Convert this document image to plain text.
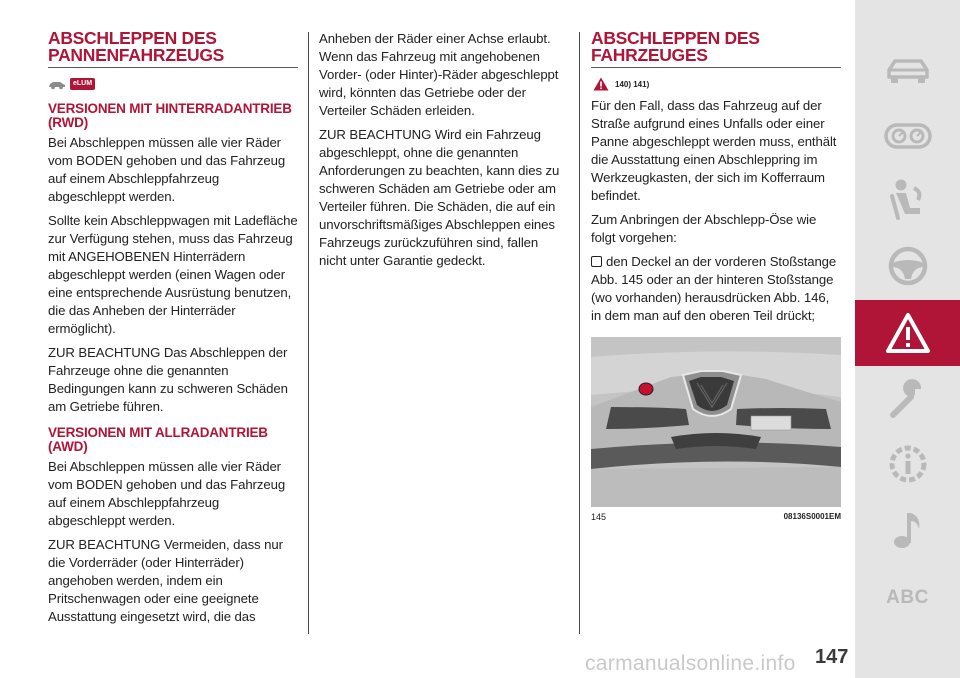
ABSCHLEPPEN DES PANNENFAHRZEUGS
eLUM
VERSIONEN MIT HINTERRADANTRIEB (RWD)

Bei Abschleppen müssen alle vier Räder vom BODEN gehoben und das Fahrzeug auf einem Abschleppfahrzeug abgeschleppt werden.

Sollte kein Abschleppwagen mit Ladefläche zur Verfügung stehen, muss das Fahrzeug mit ANGEHOBENEN Hinterrädern abgeschleppt werden (einen Wagen oder eine entsprechende Ausrüstung benutzen, die das Anheben der Hinterräder ermöglicht).

ZUR BEACHTUNG Das Abschleppen der Fahrzeuge ohne die genannten Bedingungen kann zu schweren Schäden am Getriebe führen.

VERSIONEN MIT ALLRADANTRIEB (AWD)

Bei Abschleppen müssen alle vier Räder vom BODEN gehoben und das Fahrzeug auf einem Abschleppfahrzeug abgeschleppt werden.

ZUR BEACHTUNG Vermeiden, dass nur die Vorderräder (oder Hinterräder) angehoben werden, indem ein Pritschenwagen oder eine geeignete Ausstattung eingesetzt wird, die das

Anheben der Räder einer Achse erlaubt. Wenn das Fahrzeug mit angehobenen Vorder- (oder Hinter)-Räder abgeschleppt wird, könnten das Getriebe oder der Verteiler Schäden erleiden.

ZUR BEACHTUNG Wird ein Fahrzeug abgeschleppt, ohne die genannten Anforderungen zu beachten, kann dies zu schweren Schäden am Getriebe oder am Verteiler führen. Die Schäden, die auf ein unvorschriftsmäßiges Abschleppen eines Fahrzeugs zurückzuführen sind, fallen nicht unter Garantie gedeckt.

ABSCHLEPPEN DES FAHRZEUGES
140) 141)

Für den Fall, dass das Fahrzeug auf der Straße aufgrund eines Unfalls oder einer Panne abgeschleppt werden muss, enthält die Ausstattung einen Abschleppring im Werkzeugkasten, der sich im Kofferraum befindet.

Zum Anbringen der Abschlepp-Öse wie folgt vorgehen:

den Deckel an der vorderen Stoßstange Abb. 145 oder an der hinteren Stoßstange (wo vorhanden) herausdrücken Abb. 146, in dem man auf den oberen Teil drückt;

145	08136S0001EM
ABC
carmanualsonline.info 147
